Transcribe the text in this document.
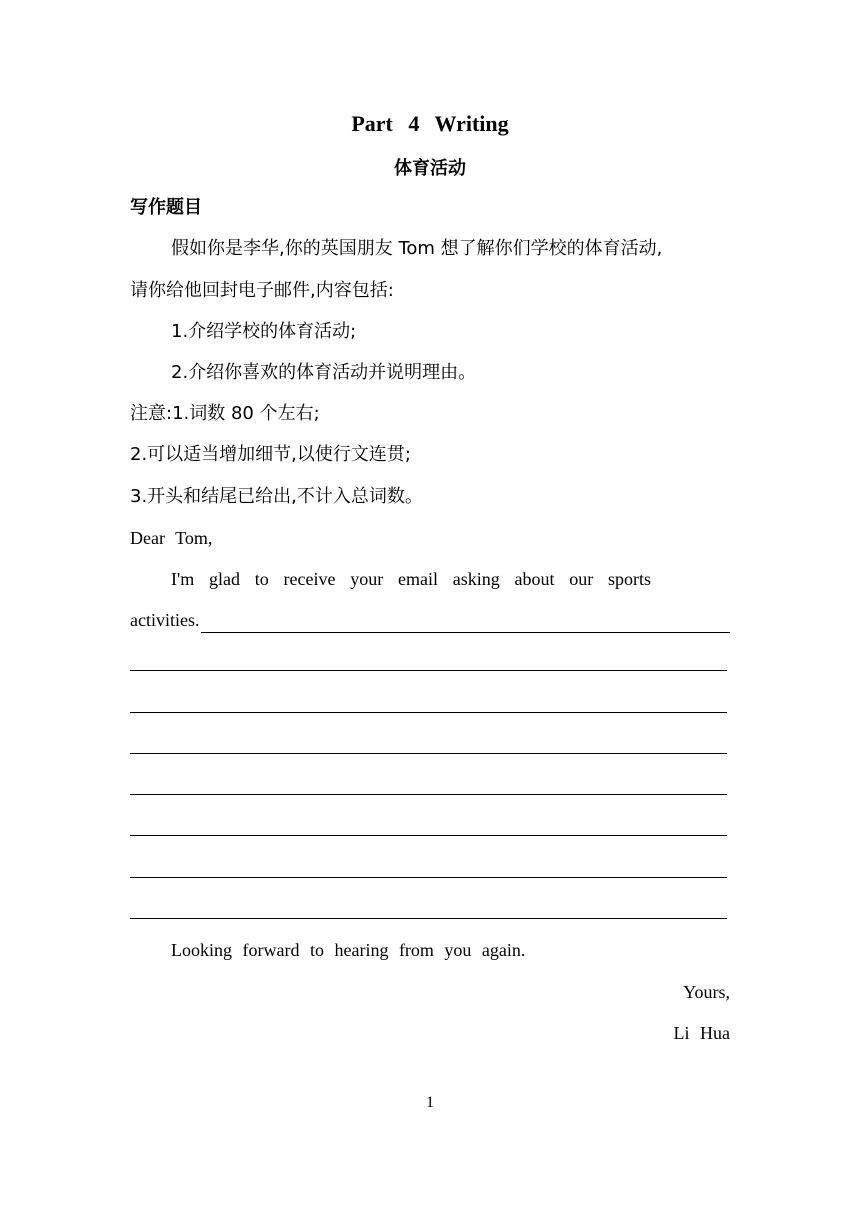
Part 4 Writing
体育活动
写作题目
假如你是李华,你的英国朋友 Tom 想了解你们学校的体育活动,
请你给他回封电子邮件,内容包括:
1.介绍学校的体育活动;
2.介绍你喜欢的体育活动并说明理由。
注意:1.词数 80 个左右;
2.可以适当增加细节,以使行文连贯;
3.开头和结尾已给出,不计入总词数。
Dear Tom,
I'm glad to receive your email asking about our sports
activities.
Looking forward to hearing from you again.
Yours,
Li Hua
1
